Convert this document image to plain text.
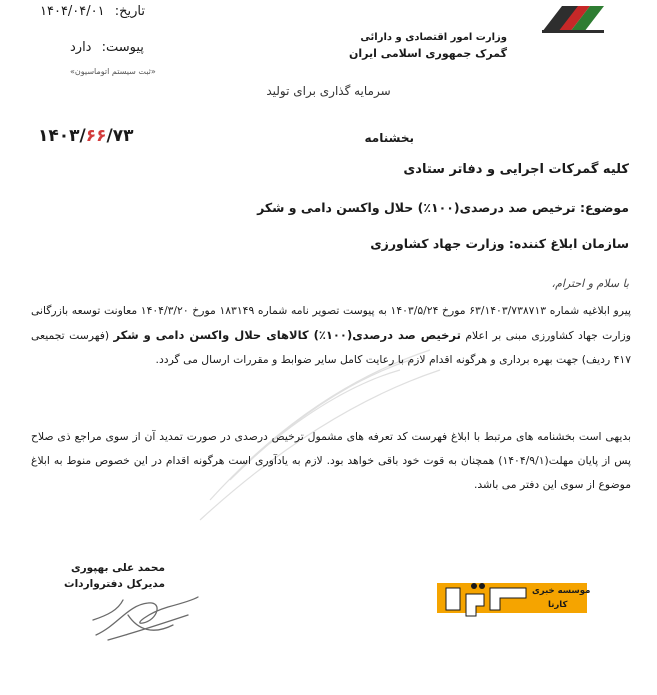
تاریخ: ۱۴۰۴/۰۴/۰۱
پیوست: دارد
«ثبت سیستم اتوماسیون»
وزارت امور اقتصادی و دارائی
گمرک جمهوری اسلامی ایران
سرمایه گذاری برای تولید
بخشنامه
۱۴۰۳/۶۶/۷۳
کلیه گمرکات اجرایی و دفاتر ستادی
موضوع: ترخیص صد درصدی(۱۰۰٪) حلال واکسن دامی و شکر
سازمان ابلاغ کننده: وزارت جهاد کشاورزی
با سلام و احترام،
پیرو ابلاغیه شماره ۶۳/۱۴۰۳/۷۳۸۷۱۳ مورخ ۱۴۰۳/۵/۲۴ به پیوست تصویر نامه شماره ۱۸۳۱۴۹ مورخ ۱۴۰۴/۳/۲۰ معاونت توسعه بازرگانی وزارت جهاد کشاورزی مبنی بر اعلام ترخیص صد درصدی(۱۰۰٪) کالاهای حلال واکسن دامی و شکر (فهرست تجمیعی ۴۱۷ ردیف) جهت بهره برداری و هرگونه اقدام لازم با رعایت کامل سایر ضوابط و مقررات ارسال می گردد.
بدیهی است بخشنامه های مرتبط با ابلاغ فهرست کد تعرفه های مشمول ترخیص درصدی در صورت تمدید آن از سوی مراجع ذی صلاح پس از پایان مهلت(۱۴۰۴/۹/۱) همچنان به قوت خود باقی خواهد بود. لازم به یادآوری است هرگونه اقدام در این خصوص منوط به ابلاغ موضوع از سوی این دفتر می باشد.
محمد علی بهپوری
مدیرکل دفترواردات
موسسه خبری
کارنا
